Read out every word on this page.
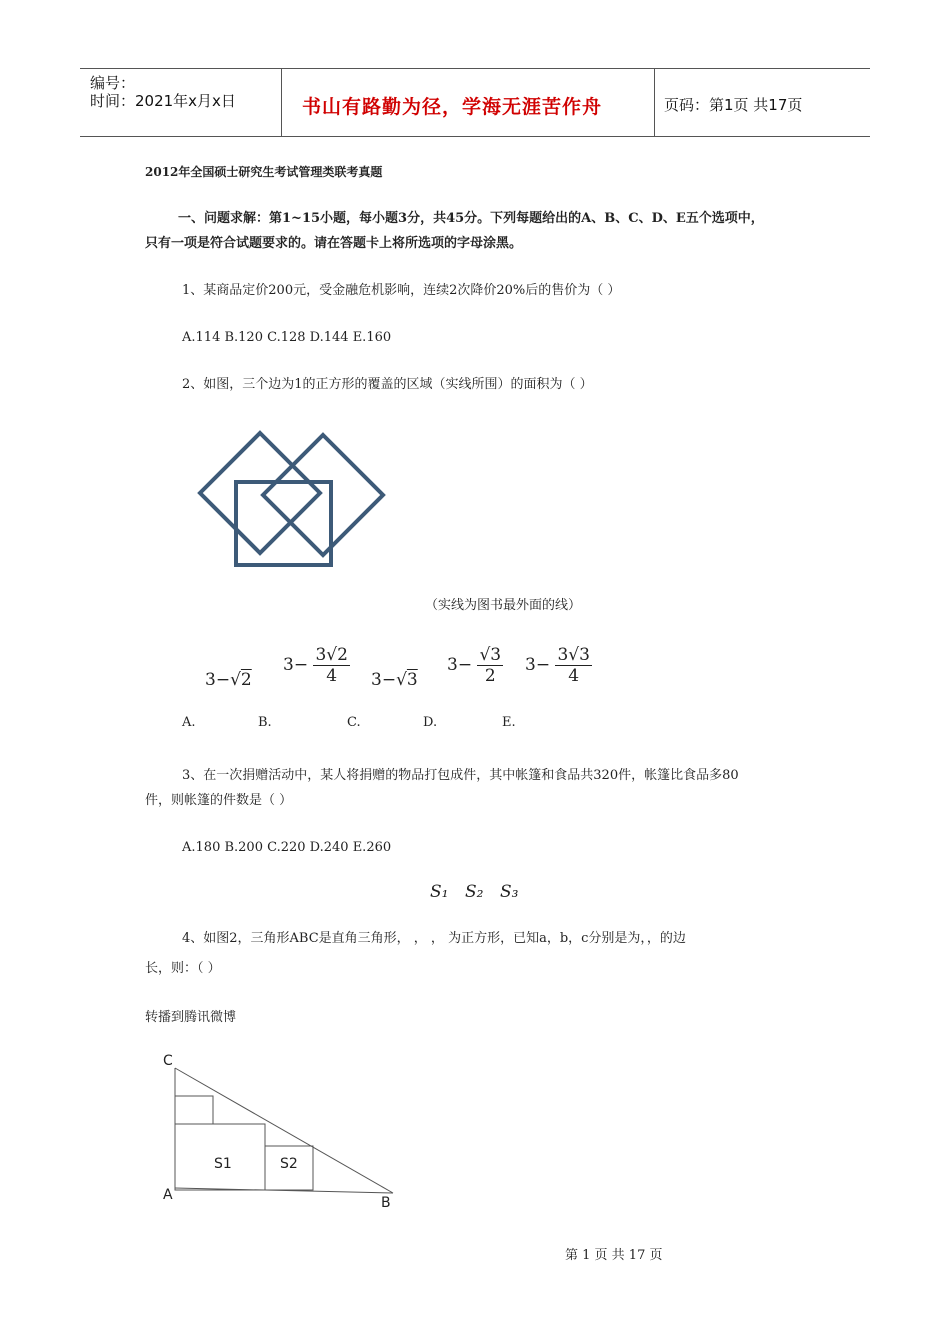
编号：
时间：2021年x月x日	书山有路勤为径，学海无涯苦作舟	页码：第1页 共17页
2012年全国硕士研究生考试管理类联考真题
一、问题求解：第1~15小题，每小题3分，共45分。下列每题给出的A、B、C、D、E五个选项中，
只有一项是符合试题要求的。请在答题卡上将所选项的字母涂黑。
1、某商品定价200元，受金融危机影响，连续2次降价20%后的售价为（ ）
A.114 B.120 C.128 D.144 E.160
2、如图，三个边为1的正方形的覆盖的区域（实线所围）的面积为（ ）
（实线为图书最外面的线）
3−√2
$3- \frac{3√2}{4} 3-√3$
$3- \frac{√3}{2} 3- \frac{3√3}{4}$
A.	B.	C.	D.	E.
3、在一次捐赠活动中，某人将捐赠的物品打包成件，其中帐篷和食品共320件，帐篷比食品多80
件，则帐篷的件数是（ ）
A.180 B.200 C.220 D.240 E.260
S₁ S₂ S₃
4、如图2，三角形ABC是直角三角形， ， ， 为正方形，已知a，b，c分别是为，，的边
长，则：（ ）
转播到腾讯微博
C
A	B
S1	S2
第 1 页 共 17 页
